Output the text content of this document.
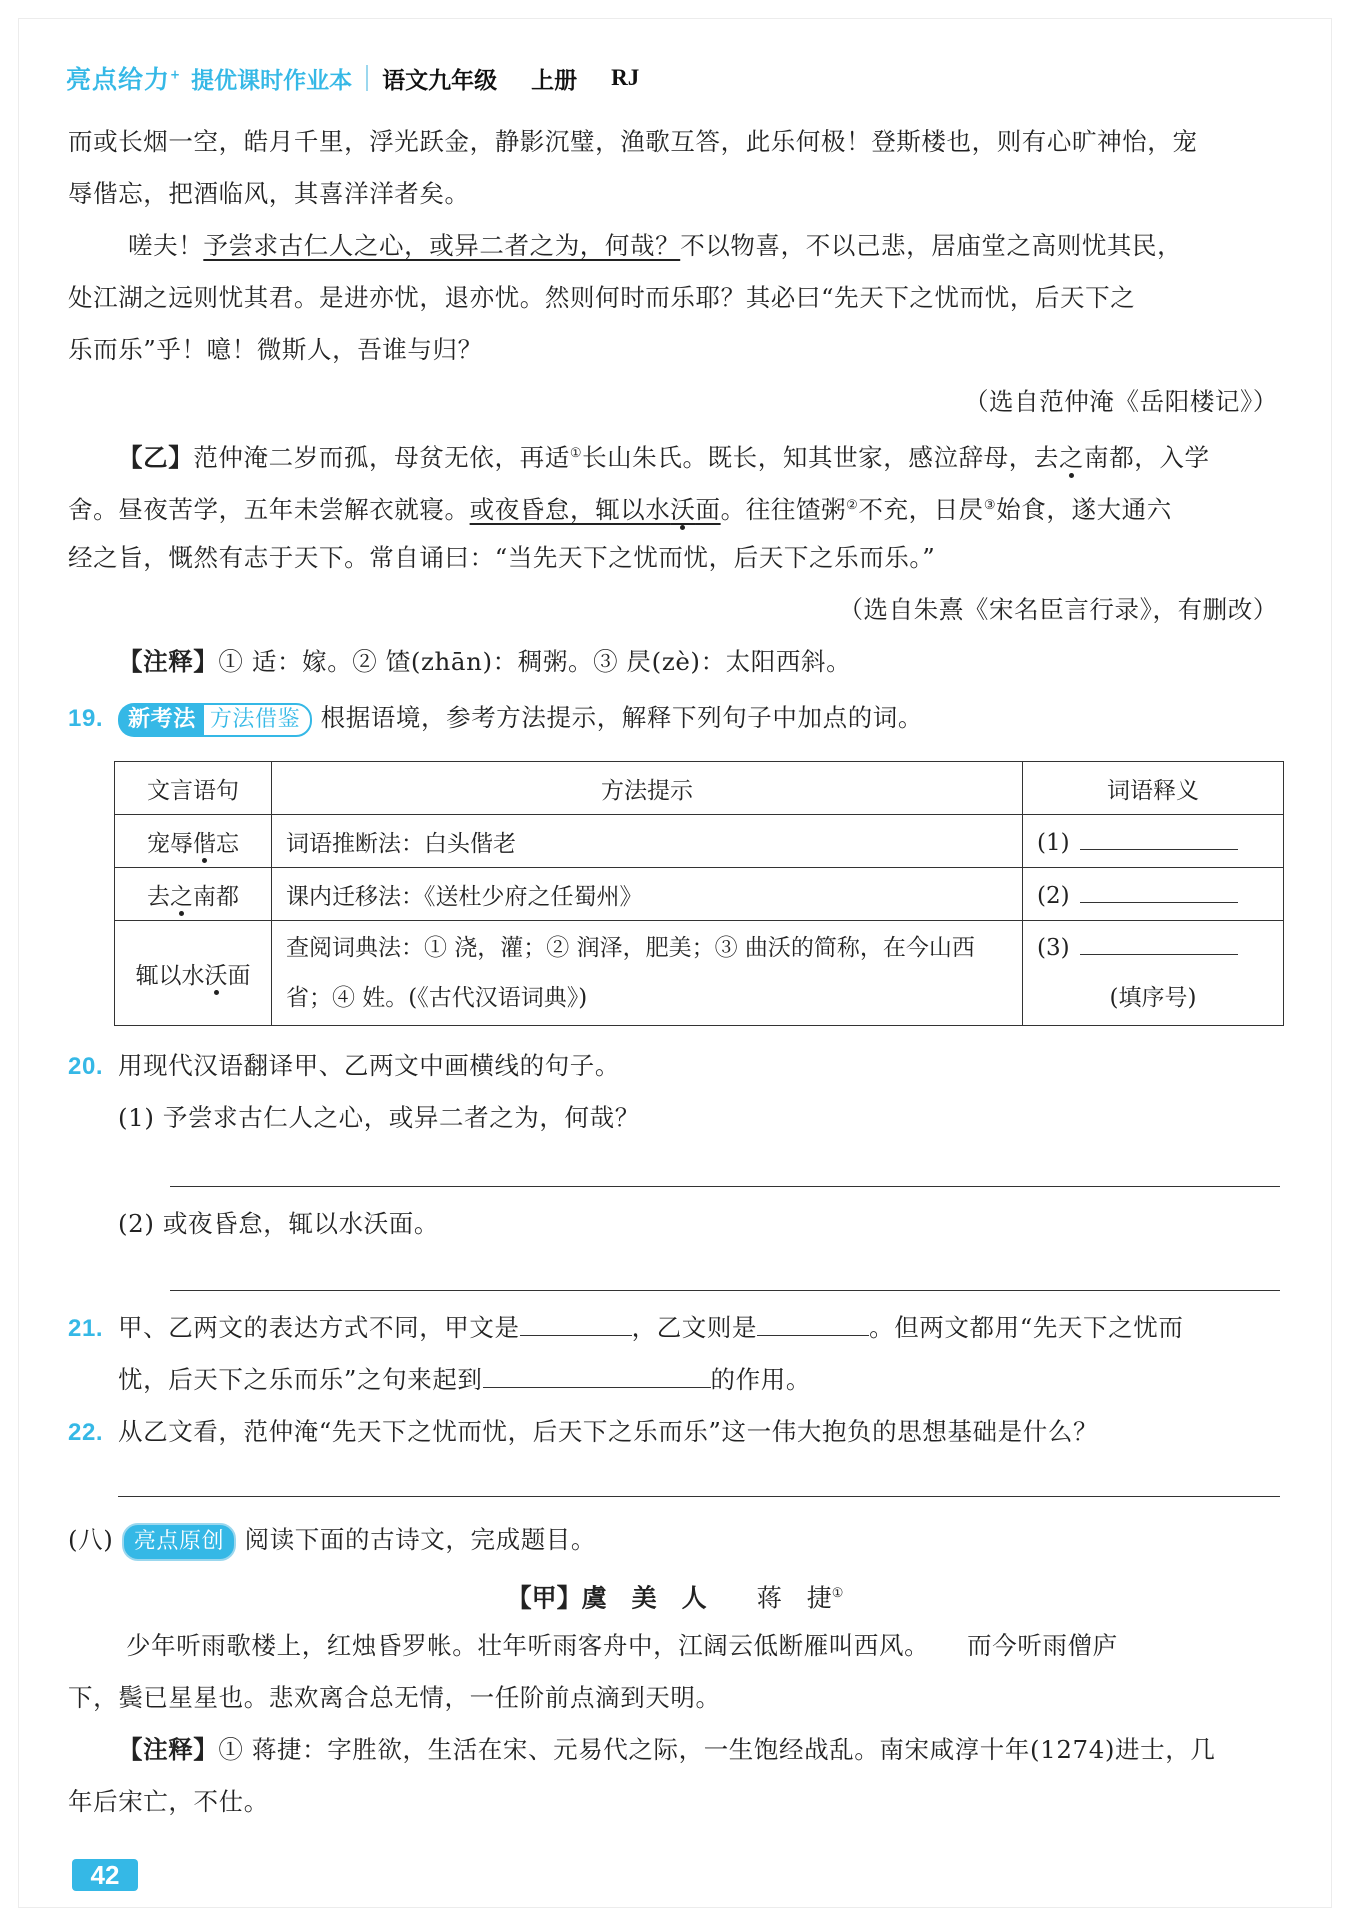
亮点给力+ 提优课时作业本 语文九年级 上册 RJ
而或长烟一空，皓月千里，浮光跃金，静影沉璧，渔歌互答，此乐何极！登斯楼也，则有心旷神怡，宠
辱偕忘，把酒临风，其喜洋洋者矣。
嗟夫！予尝求古仁人之心，或异二者之为，何哉？不以物喜，不以己悲，居庙堂之高则忧其民，
处江湖之远则忧其君。是进亦忧，退亦忧。然则何时而乐耶？其必曰“先天下之忧而忧，后天下之
乐而乐”乎！噫！微斯人，吾谁与归？
（选自范仲淹《岳阳楼记》）
【乙】范仲淹二岁而孤，母贫无依，再适①长山朱氏。既长，知其世家，感泣辞母，去之南都，入学
舍。昼夜苦学，五年未尝解衣就寝。或夜昏怠，辄以水沃面。往往馇粥②不充，日昃③始食，遂大通六
经之旨，慨然有志于天下。常自诵曰：“当先天下之忧而忧，后天下之乐而乐。”
（选自朱熹《宋名臣言行录》，有删改）
【注释】① 适：嫁。② 馇(zhān)：稠粥。③ 昃(zè)：太阳西斜。
19. 新考法 方法借鉴 根据语境，参考方法提示，解释下列句子中加点的词。
文言语句	方法提示	词语释义
宠辱偕忘	词语推断法：白头偕老	(1)
去之南都	课内迁移法：《送杜少府之任蜀州》	(2)
辄以水沃面	查阅词典法：① 浇，灌；② 润泽，肥美；③ 曲沃的简称，在今山西省；④ 姓。(《古代汉语词典》)	(3)

(填序号)
20. 用现代汉语翻译甲、乙两文中画横线的句子。
(1) 予尝求古仁人之心，或异二者之为，何哉？
(2) 或夜昏怠，辄以水沃面。
21. 甲、乙两文的表达方式不同，甲文是	，乙文则是	。但两文都用“先天下之忧而
忧，后天下之乐而乐”之句来起到	的作用。
22. 从乙文看，范仲淹“先天下之忧而忧，后天下之乐而乐”这一伟大抱负的思想基础是什么？
(八) 亮点原创 阅读下面的古诗文，完成题目。
【甲】虞　美　人　　 蒋　捷①
少年听雨歌楼上，红烛昏罗帐。壮年听雨客舟中，江阔云低断雁叫西风。　　 而今听雨僧庐
下，鬓已星星也。悲欢离合总无情，一任阶前点滴到天明。
【注释】① 蒋捷：字胜欲，生活在宋、元易代之际，一生饱经战乱。南宋咸淳十年(1274)进士，几
年后宋亡，不仕。
42
